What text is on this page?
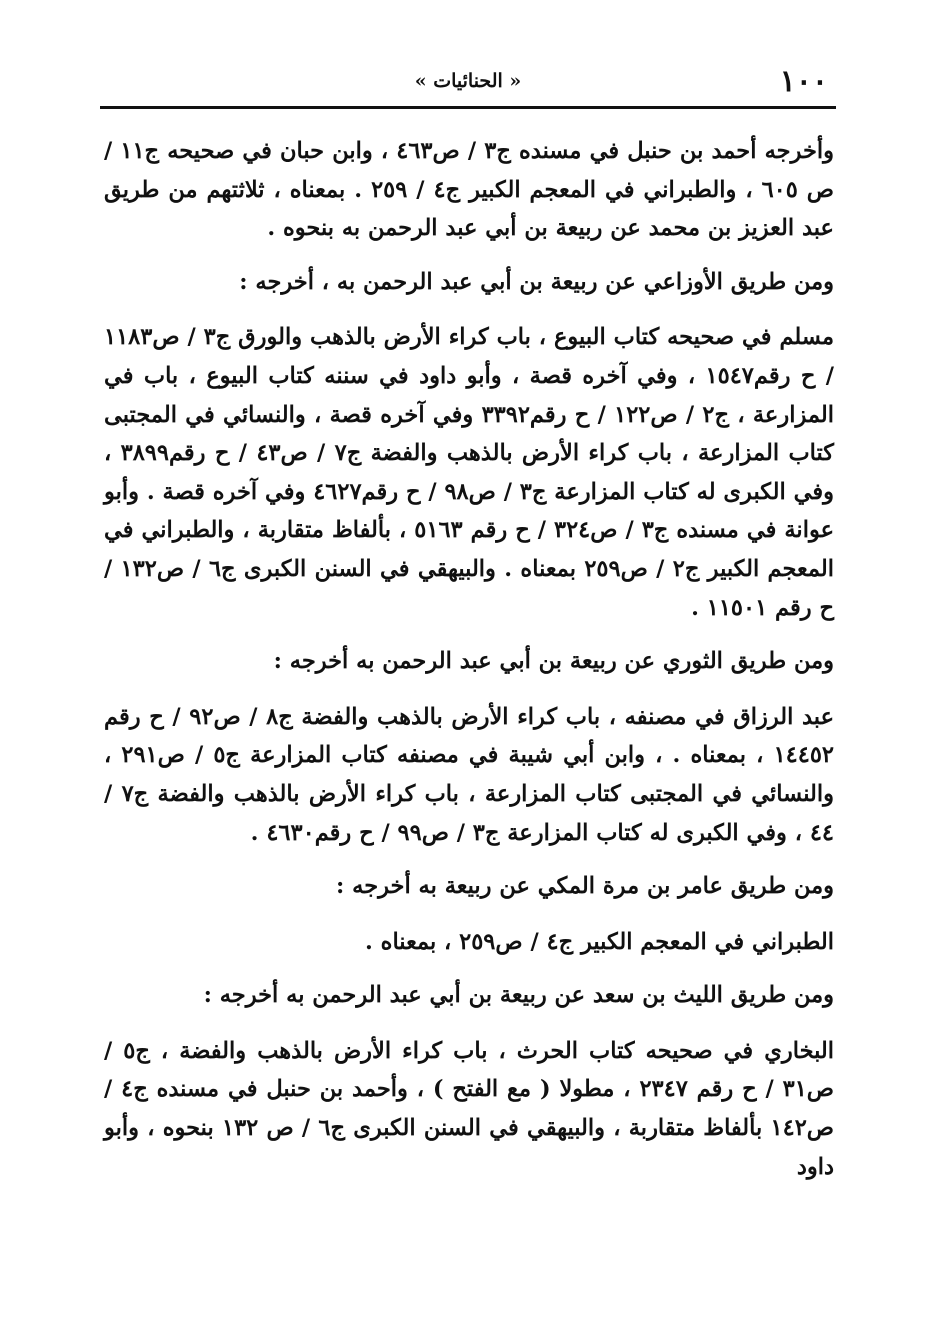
١٠٠
« الحنائيات »

وأخرجه أحمد بن حنبل في مسنده ج٣ / ص٤٦٣ ، وابن حبان في صحيحه ج١١ / ص ٦٠٥ ، والطبراني في المعجم الكبير ج٤ / ٢٥٩ . بمعناه ، ثلاثتهم من طريق عبد العزيز بن محمد عن ربيعة بن أبي عبد الرحمن به بنحوه .

ومن طريق الأوزاعي عن ربيعة بن أبي عبد الرحمن به ، أخرجه :

مسلم في صحيحه كتاب البيوع ، باب كراء الأرض بالذهب والورق ج٣ / ص١١٨٣ / ح رقم١٥٤٧ ، وفي آخره قصة ، وأبو داود في سننه كتاب البيوع ، باب في المزارعة ، ج٢ / ص١٢٢ / ح رقم٣٣٩٢ وفي آخره قصة ، والنسائي في المجتبى كتاب المزارعة ، باب كراء الأرض بالذهب والفضة ج٧ / ص٤٣ / ح رقم٣٨٩٩ ، وفي الكبرى له كتاب المزارعة ج٣ / ص٩٨ / ح رقم٤٦٢٧ وفي آخره قصة . وأبو عوانة في مسنده ج٣ / ص٣٢٤ / ح رقم ٥١٦٣ ، بألفاظ متقاربة ، والطبراني في المعجم الكبير ج٢ / ص٢٥٩ بمعناه . والبيهقي في السنن الكبرى ج٦ / ص١٣٢ / ح رقم ١١٥٠١ .

ومن طريق الثوري عن ربيعة بن أبي عبد الرحمن به أخرجه :

عبد الرزاق في مصنفه ، باب كراء الأرض بالذهب والفضة ج٨ / ص٩٢ / ح رقم ١٤٤٥٢ ، بمعناه . ، وابن أبي شيبة في مصنفه كتاب المزارعة ج٥ / ص٢٩١ ، والنسائي في المجتبى كتاب المزارعة ، باب كراء الأرض بالذهب والفضة ج٧ / ٤٤ ، وفي الكبرى له كتاب المزارعة ج٣ / ص٩٩ / ح رقم٤٦٣٠ .

ومن طريق عامر بن مرة المكي عن ربيعة به أخرجه :

الطبراني في المعجم الكبير ج٤ / ص٢٥٩ ، بمعناه .

ومن طريق الليث بن سعد عن ربيعة بن أبي عبد الرحمن به أخرجه :

البخاري في صحيحه كتاب الحرث ، باب كراء الأرض بالذهب والفضة ، ج٥ / ص٣١ / ح رقم ٢٣٤٧ ، مطولا ( مع الفتح ) ، وأحمد بن حنبل في مسنده ج٤ / ص١٤٢ بألفاظ متقاربة ، والبيهقي في السنن الكبرى ج٦ / ص ١٣٢ بنحوه ، وأبو داود
